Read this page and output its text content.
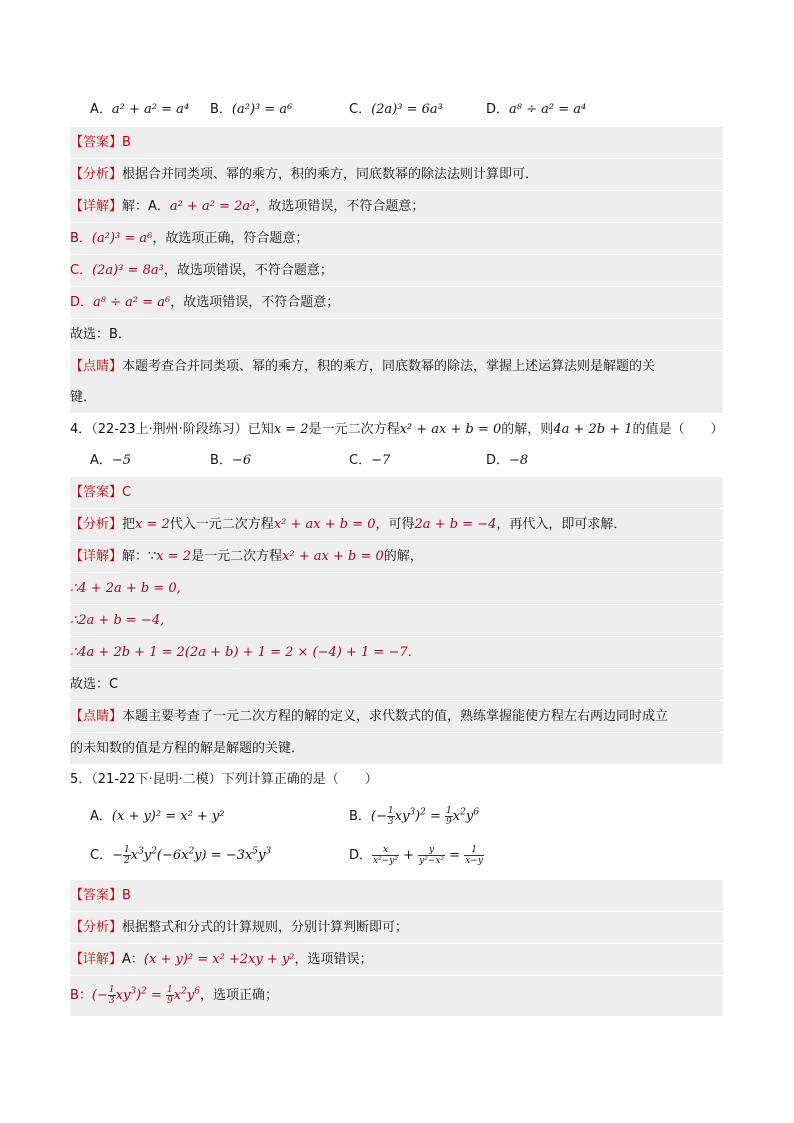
A．a² + a² = a⁴ B．(a²)³ = a⁶	C．(2a)³ = 6a³	D．a⁸ ÷ a² = a⁴
【答案】B
【分析】根据合并同类项、幂的乘方，积的乘方，同底数幂的除法法则计算即可．
【详解】解：A．a² + a² = 2a²，故选项错误，不符合题意；
B．(a²)³ = a⁶，故选项正确，符合题意；
C．(2a)³ = 8a³，故选项错误，不符合题意；
D．a⁸ ÷ a² = a⁶，故选项错误，不符合题意；
故选：B．
【点睛】本题考查合并同类项、幂的乘方，积的乘方，同底数幂的除法，掌握上述运算法则是解题的关
键．
4．（22-23上·荆州·阶段练习）已知x = 2是一元二次方程x² + ax + b = 0的解，则4a + 2b + 1的值是（　　）
A．−5	B．−6	C．−7	D．−8
【答案】C
【分析】把x = 2代入一元二次方程x² + ax + b = 0，可得2a + b = −4，再代入，即可求解．
【详解】解：∵x = 2是一元二次方程x² + ax + b = 0的解，
∴4 + 2a + b = 0,
∴2a + b = −4,
∴4a + 2b + 1 = 2(2a + b) + 1 = 2 × (−4) + 1 = −7．
故选：C
【点睛】本题主要考查了一元二次方程的解的定义，求代数式的值，熟练掌握能使方程左右两边同时成立
的未知数的值是方程的解是解题的关键．
5．（21-22下·昆明·二模）下列计算正确的是（　　）
A．(x + y)² = x² + y²	B．(− $\frac{1}{3} xy^3)^2 = \frac{1}{9} x^2y^6$
C．− $\frac{1}{2} x^3y^2(-6x^2y) = -3x^5y^3$	D． $\frac{x}{\text{x²−y²}} + \frac{y}{\text{y²−x²}} = \frac{1}{x-y}$
【答案】B
【分析】根据整式和分式的计算规则，分别计算判断即可；
【详解】A：(x + y)² = x² +2xy + y²，选项错误；
B：(− $\frac{1}{3} xy^3)^2 = \frac{1}{9} x^2y^6$，选项正确；
